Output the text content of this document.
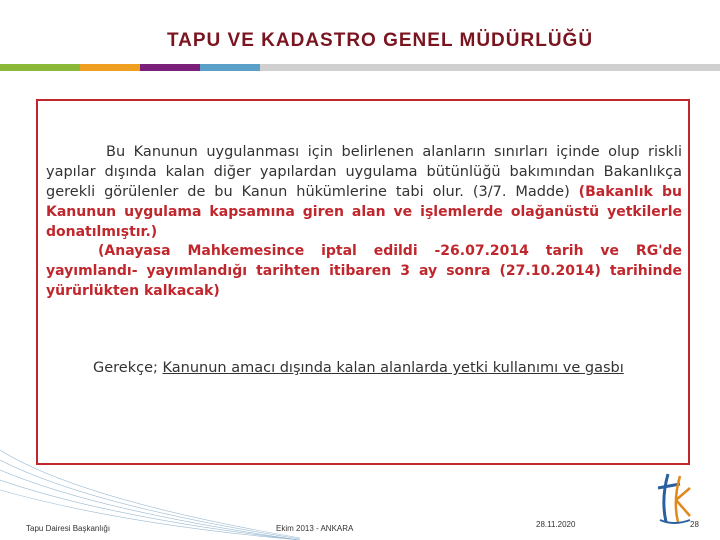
TAPU VE KADASTRO GENEL MÜDÜRLÜĞÜ
Bu Kanunun uygulanması için belirlenen alanların sınırları içinde olup riskli yapılar dışında kalan diğer yapılardan uygulama bütünlüğü bakımından Bakanlıkça gerekli görülenler de bu Kanun hükümlerine tabi olur. (3/7. Madde) (Bakanlık bu Kanunun uygulama kapsamına giren alan ve işlemlerde olağanüstü yetkilerle donatılmıştır.)
(Anayasa Mahkemesince iptal edildi -26.07.2014 tarih ve RG'de yayımlandı- yayımlandığı tarihten itibaren 3 ay sonra (27.10.2014) tarihinde yürürlükten kalkacak)
Gerekçe; Kanunun amacı dışında kalan alanlarda yetki kullanımı ve gasbı
Tapu Dairesi Başkanlığı	Ekim 2013 - ANKARA	28.11.2020	28
